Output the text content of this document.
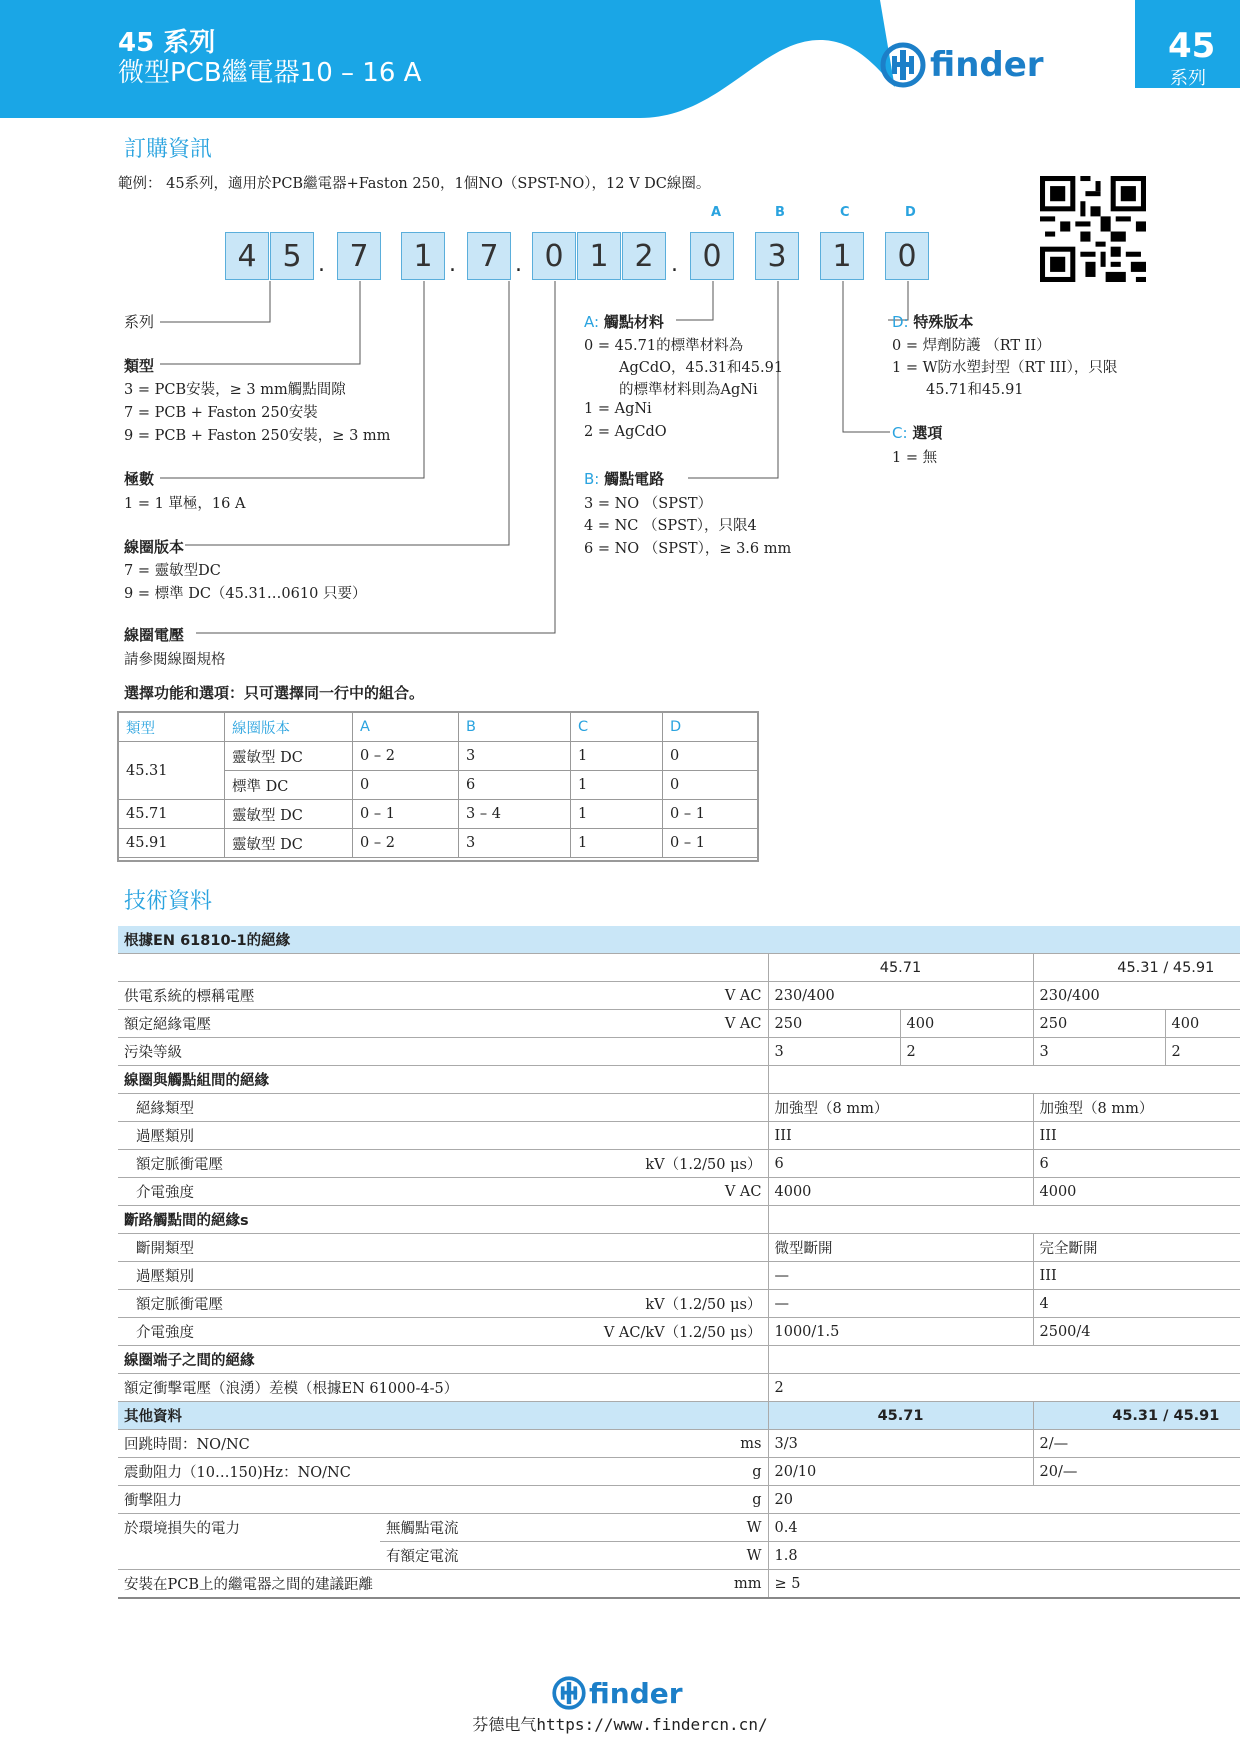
45 系列
微型PCB繼電器10 – 16 A	finder	45
系列
訂購資訊
範例： 45系列，適用於PCB繼電器+Faston 250，1個NO（SPST-NO），12 V DC線圈。
A	B	C	D
4 5 . 7	1 . 7 . 0 1 2 . 0	3	1	0
系列
類型
3 = PCB安裝，≥ 3 mm觸點間隙
7 = PCB + Faston 250安裝
9 = PCB + Faston 250安裝，≥ 3 mm
極數
1 = 1 單極，16 A
線圈版本
7 = 靈敏型DC
9 = 標準 DC（45.31…0610 只要）
線圈電壓
請參閱線圈規格
A: 觸點材料
0 = 45.71的標準材料為
AgCdO，45.31和45.91
的標準材料則為AgNi
1 = AgNi
2 = AgCdO
B: 觸點電路
3 = NO （SPST）
4 = NC （SPST），只限4
6 = NO （SPST），≥ 3.6 mm
D: 特殊版本
0 = 焊劑防護 （RT II）
1 = W防水塑封型（RT III），只限
45.71和45.91
C: 選項
1 = 無
選擇功能和選項：只可選擇同一行中的組合。
類型	線圈版本	A	B	C	D
45.31	靈敏型 DC	0 – 2	3	1	0
	標準 DC	0	6	1	0
45.71	靈敏型 DC	0 – 1	3 – 4	1	0 – 1
45.91	靈敏型 DC	0 – 2	3	1	0 – 1
技術資料
根據EN 61810-1的絕緣						
			45.71		45.31 / 45.91	
供電系統的標稱電壓		V AC	230/400		230/400	
額定絕緣電壓		V AC	250	400	250	400
污染等級			3	2	3	2
線圈與觸點組間的絕緣						
絕緣類型			加強型（8 mm）		加強型（8 mm）	
過壓類別			III		III	
額定脈衝電壓		kV（1.2/50 μs）	6		6	
介電強度		V AC	4000		4000	
斷路觸點間的絕緣s						
斷開類型			微型斷開		完全斷開	
過壓類別			—		III	
額定脈衝電壓		kV（1.2/50 μs）	—		4	
介電強度		V AC/kV（1.2/50 μs）	1000/1.5		2500/4	
線圈端子之間的絕緣						
額定衝擊電壓（浪湧）差模（根據EN 61000-4-5）			2			
其他資料			45.71		45.31 / 45.91	
回跳時間：NO/NC		ms	3/3		2/—	
震動阻力（10…150)Hz：NO/NC		g	20/10		20/—	
衝擊阻力		g	20			
於環境損失的電力	無觸點電流	W	0.4			
	有額定電流	W	1.8			
安裝在PCB上的繼電器之間的建議距離		mm	≥ 5			
finder
芬德电气https://www.findercn.cn/
